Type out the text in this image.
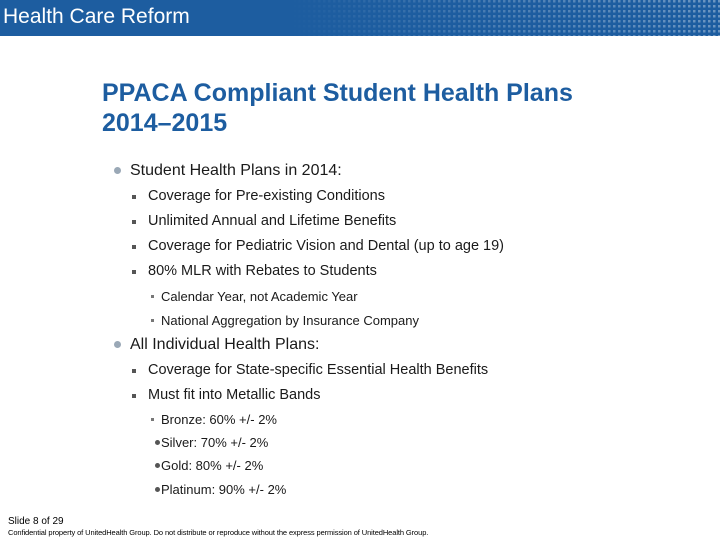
Health Care Reform
PPACA Compliant Student Health Plans
2014–2015
Student Health Plans in 2014:
Coverage for Pre-existing Conditions
Unlimited Annual and Lifetime Benefits
Coverage for Pediatric Vision and Dental (up to age 19)
80% MLR with Rebates to Students
Calendar Year, not Academic Year
National Aggregation by Insurance Company
All Individual Health Plans:
Coverage for State-specific Essential Health Benefits
Must fit into Metallic Bands
Bronze: 60% +/- 2%
Silver: 70% +/- 2%
Gold: 80% +/- 2%
Platinum: 90% +/- 2%
Slide 8 of 29
Confidential property of UnitedHealth Group. Do not distribute or reproduce without the express permission of UnitedHealth Group.
